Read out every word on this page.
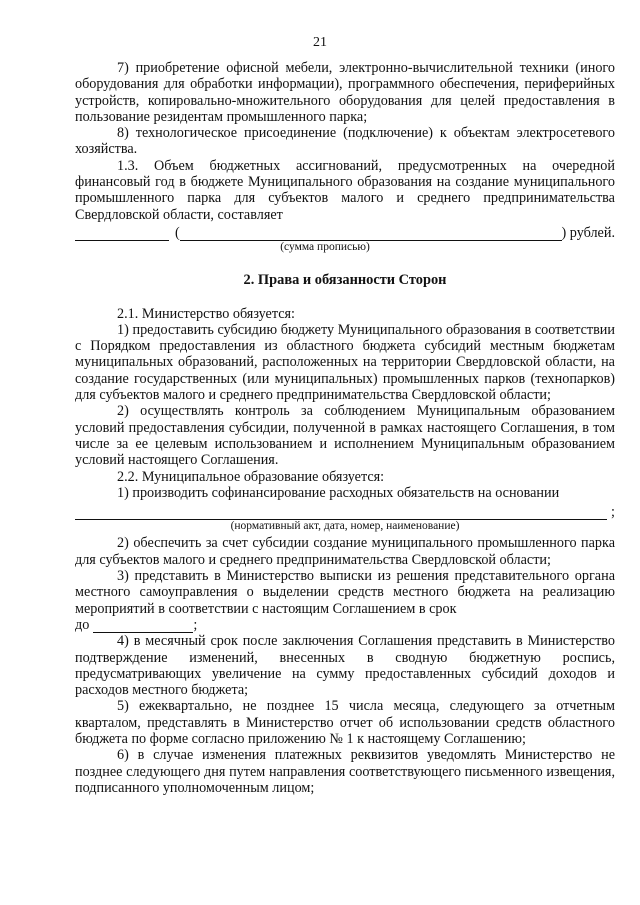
21

7) приобретение офисной мебели, электронно-вычислительной техники (иного оборудования для обработки информации), программного обеспечения, периферийных устройств, копировально-множительного оборудования для целей предоставления в пользование резидентам промышленного парка;

8) технологическое присоединение (подключение) к объектам электросетевого хозяйства.

1.3. Объем бюджетных ассигнований, предусмотренных на очередной финансовый год в бюджете Муниципального образования на создание муниципального промышленного парка для субъектов малого и среднего предпринимательства Свердловской области, составляет

(	) рублей.

(сумма прописью)

2. Права и обязанности Сторон

2.1. Министерство обязуется:

1) предоставить субсидию бюджету Муниципального образования в соответствии с Порядком предоставления из областного бюджета субсидий местным бюджетам муниципальных образований, расположенных на территории Свердловской области, на создание государственных (или муниципальных) промышленных парков (технопарков) для субъектов малого и среднего предпринимательства Свердловской области;

2) осуществлять контроль за соблюдением Муниципальным образованием условий предоставления субсидии, полученной в рамках настоящего Соглашения, в том числе за ее целевым использованием и исполнением Муниципальным образованием условий настоящего Соглашения.

2.2. Муниципальное образование обязуется:

1) производить софинансирование расходных обязательств на основании

;

(нормативный акт, дата, номер, наименование)

2) обеспечить за счет субсидии создание муниципального промышленного парка для субъектов малого и среднего предпринимательства Свердловской области;

3) представить в Министерство выписки из решения представительного органа местного самоуправления о выделении средств местного бюджета на реализацию мероприятий в соответствии с настоящим Соглашением в срок

до	;

4) в месячный срок после заключения Соглашения представить в Министерство подтверждение изменений, внесенных в сводную бюджетную роспись, предусматривающих увеличение на сумму предоставленных субсидий доходов и расходов местного бюджета;

5) ежеквартально, не позднее 15 числа месяца, следующего за отчетным кварталом, представлять в Министерство отчет об использовании средств областного бюджета по форме согласно приложению № 1 к настоящему Соглашению;

6) в случае изменения платежных реквизитов уведомлять Министерство не позднее следующего дня путем направления соответствующего письменного извещения, подписанного уполномоченным лицом;
